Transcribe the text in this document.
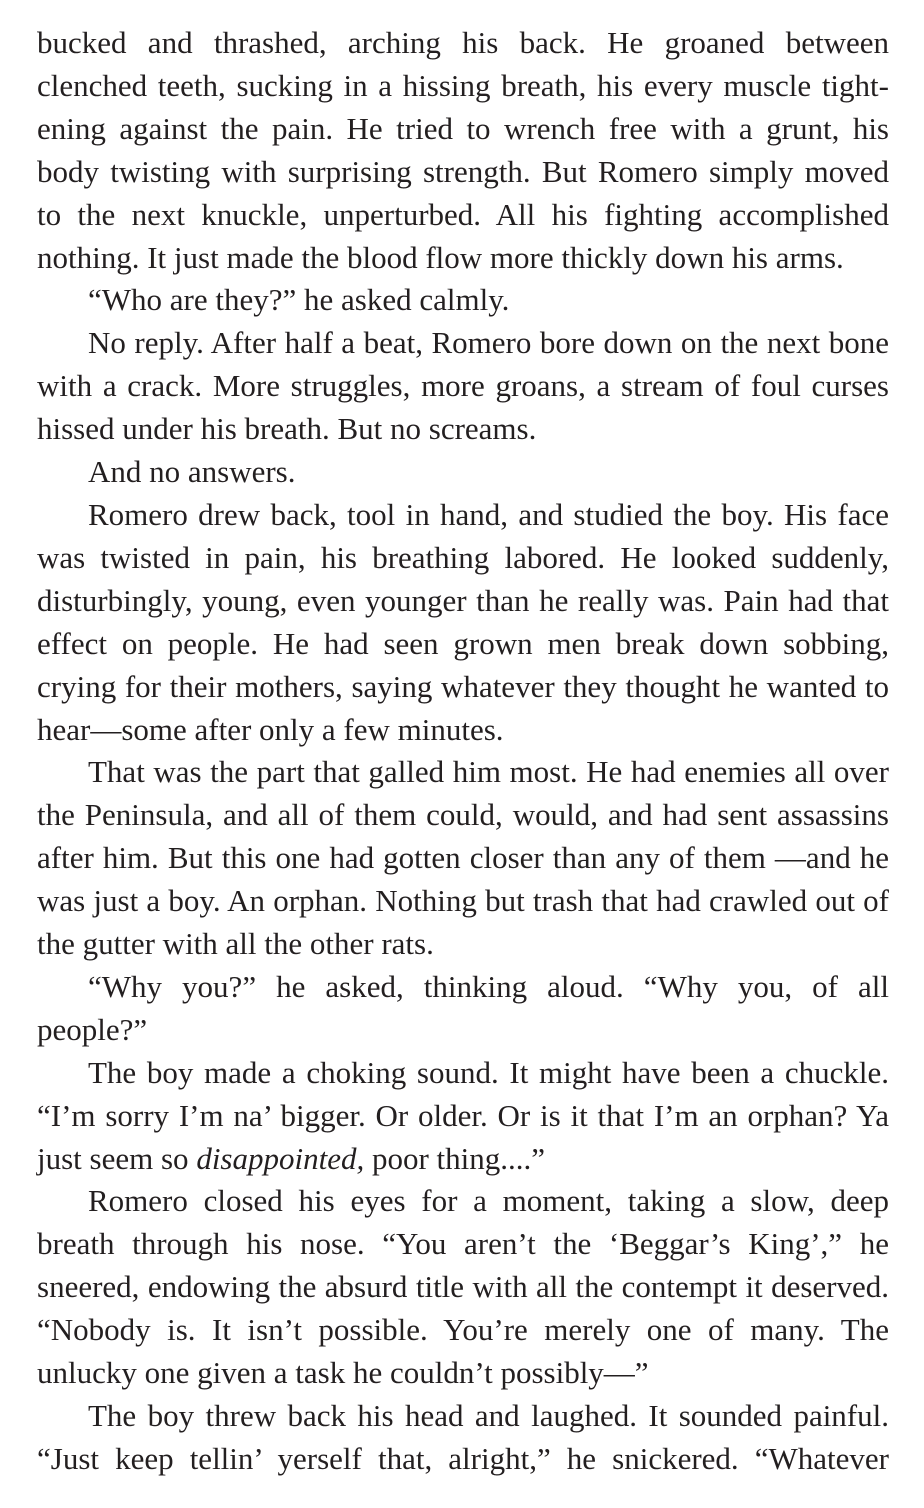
bucked and thrashed, arching his back. He groaned between clenched teeth, sucking in a hissing breath, his every muscle tightening against the pain. He tried to wrench free with a grunt, his body twisting with surprising strength. But Romero simply moved to the next knuckle, unperturbed. All his fighting accomplished nothing. It just made the blood flow more thickly down his arms.

“Who are they?” he asked calmly.

No reply. After half a beat, Romero bore down on the next bone with a crack. More struggles, more groans, a stream of foul curses hissed under his breath. But no screams.

And no answers.

Romero drew back, tool in hand, and studied the boy. His face was twisted in pain, his breathing labored. He looked suddenly, disturbingly, young, even younger than he really was. Pain had that effect on people. He had seen grown men break down sobbing, crying for their mothers, saying whatever they thought he wanted to hear—some after only a few minutes.

That was the part that galled him most. He had enemies all over the Peninsula, and all of them could, would, and had sent assassins after him. But this one had gotten closer than any of them —and he was just a boy. An orphan. Nothing but trash that had crawled out of the gutter with all the other rats.

“Why you?” he asked, thinking aloud. “Why you, of all people?”

The boy made a choking sound. It might have been a chuckle. “I’m sorry I’m na’ bigger. Or older. Or is it that I’m an orphan? Ya just seem so disappointed, poor thing....”

Romero closed his eyes for a moment, taking a slow, deep breath through his nose. “You aren’t the ‘Beggar’s King’,” he sneered, endowing the absurd title with all the contempt it deserved. “Nobody is. It isn’t possible. You’re merely one of many. The unlucky one given a task he couldn’t possibly—”

The boy threw back his head and laughed. It sounded painful. “Just keep tellin’ yerself that, alright,” he snickered. “Whatever
